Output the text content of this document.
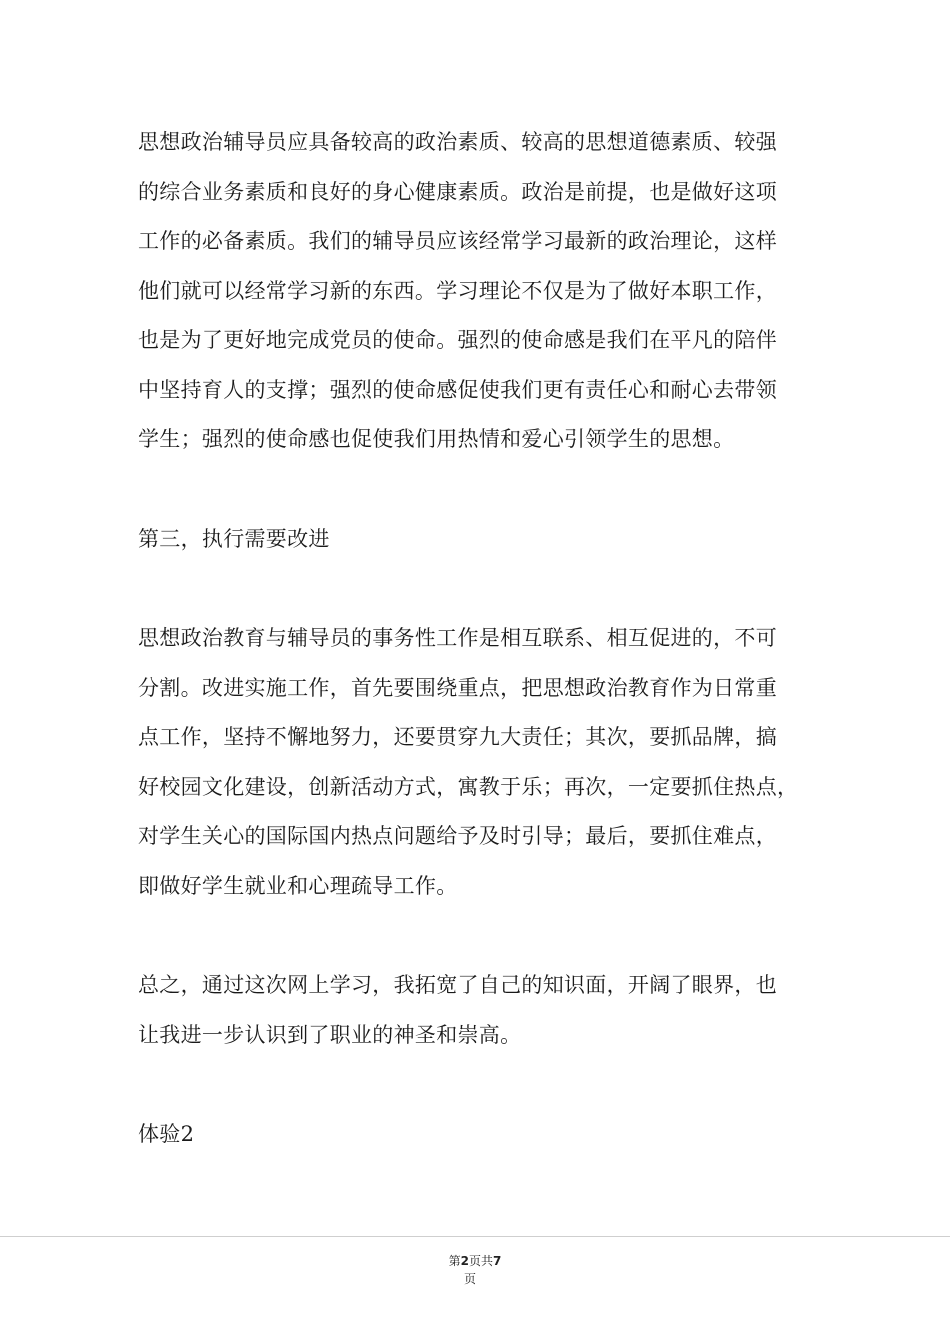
思想政治辅导员应具备较高的政治素质、较高的思想道德素质、较强
的综合业务素质和良好的身心健康素质。政治是前提，也是做好这项
工作的必备素质。我们的辅导员应该经常学习最新的政治理论，这样
他们就可以经常学习新的东西。学习理论不仅是为了做好本职工作，
也是为了更好地完成党员的使命。强烈的使命感是我们在平凡的陪伴
中坚持育人的支撑；强烈的使命感促使我们更有责任心和耐心去带领
学生；强烈的使命感也促使我们用热情和爱心引领学生的思想。

第三，执行需要改进

思想政治教育与辅导员的事务性工作是相互联系、相互促进的，不可
分割。改进实施工作，首先要围绕重点，把思想政治教育作为日常重
点工作，坚持不懈地努力，还要贯穿九大责任；其次，要抓品牌，搞
好校园文化建设，创新活动方式，寓教于乐；再次，一定要抓住热点，
对学生关心的国际国内热点问题给予及时引导；最后，要抓住难点，
即做好学生就业和心理疏导工作。

总之，通过这次网上学习，我拓宽了自己的知识面，开阔了眼界，也
让我进一步认识到了职业的神圣和崇高。

体验2

第2页共7
页
